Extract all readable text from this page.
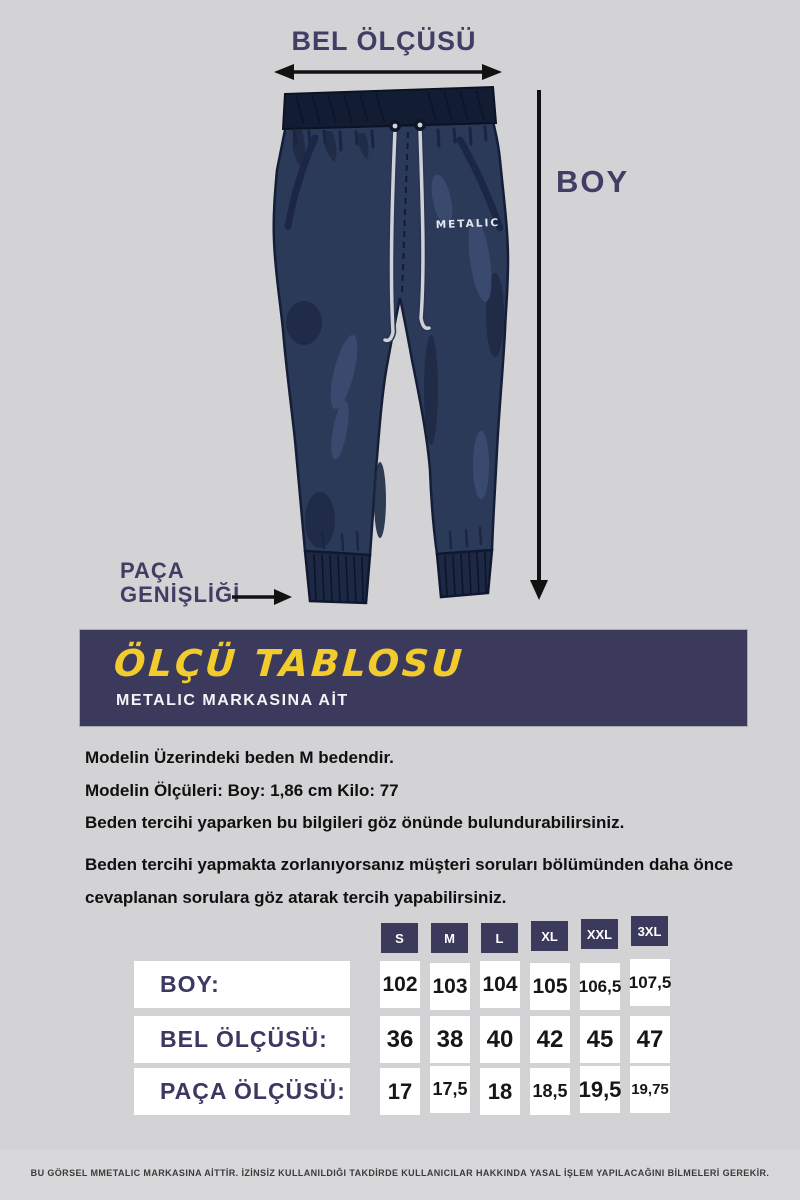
BEL ÖLÇÜSÜ
BOY
PAÇA
GENİŞLİĞİ
METALIC
ÖLÇÜ TABLOSU
METALIC MARKASINA AİT
Modelin Üzerindeki beden M bedendir.
Modelin Ölçüleri: Boy: 1,86 cm Kilo: 77
Beden tercihi yaparken bu bilgileri göz önünde bulundurabilirsiniz.
Beden tercihi yapmakta zorlanıyorsanız müşteri soruları bölümünden daha önce
cevaplanan sorulara göz atarak tercih yapabilirsiniz.
S	M	L	XL	XXL	3XL
BOY:	102 103 104 105 106,5 107,5
BEL ÖLÇÜSÜ:	36 38 40 42 45 47
PAÇA ÖLÇÜSÜ:	17	17,5 18	18,5 19,5 19,75
BU GÖRSEL MMETALIC MARKASINA AİTTİR. İZİNSİZ KULLANILDIĞI TAKDİRDE KULLANICILAR HAKKINDA YASAL İŞLEM YAPILACAĞINI BİLMELERİ GEREKİR.
